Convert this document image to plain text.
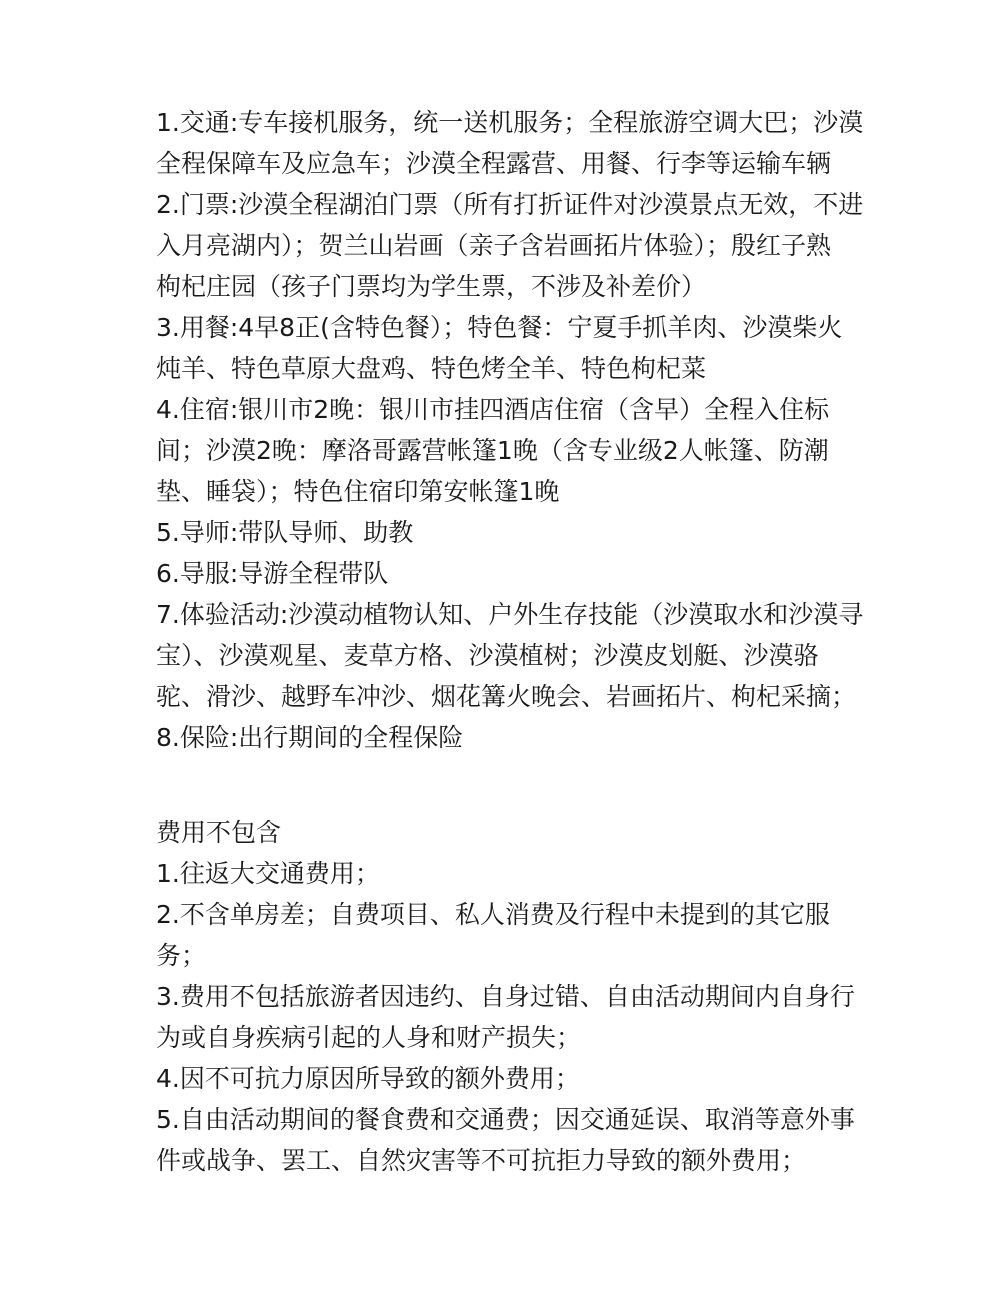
1.交通:专车接机服务，统一送机服务；全程旅游空调大巴；沙漠
全程保障车及应急车；沙漠全程露营、用餐、行李等运输车辆
2.门票:沙漠全程湖泊门票（所有打折证件对沙漠景点无效，不进
入月亮湖内）；贺兰山岩画（亲子含岩画拓片体验）；殷红子熟
枸杞庄园（孩子门票均为学生票，不涉及补差价）
3.用餐:4早8正(含特色餐）；特色餐：宁夏手抓羊肉、沙漠柴火
炖羊、特色草原大盘鸡、特色烤全羊、特色枸杞菜
4.住宿:银川市2晚：银川市挂四酒店住宿（含早）全程入住标
间；沙漠2晚：摩洛哥露营帐篷1晚（含专业级2人帐篷、防潮
垫、睡袋）；特色住宿印第安帐篷1晚
5.导师:带队导师、助教
6.导服:导游全程带队
7.体验活动:沙漠动植物认知、户外生存技能（沙漠取水和沙漠寻
宝）、沙漠观星、麦草方格、沙漠植树；沙漠皮划艇、沙漠骆
驼、滑沙、越野车冲沙、烟花篝火晚会、岩画拓片、枸杞采摘；
8.保险:出行期间的全程保险
费用不包含
1.往返大交通费用；
2.不含单房差；自费项目、私人消费及行程中未提到的其它服
务；
3.费用不包括旅游者因违约、自身过错、自由活动期间内自身行
为或自身疾病引起的人身和财产损失；
4.因不可抗力原因所导致的额外费用；
5.自由活动期间的餐食费和交通费；因交通延误、取消等意外事
件或战争、罢工、自然灾害等不可抗拒力导致的额外费用；
